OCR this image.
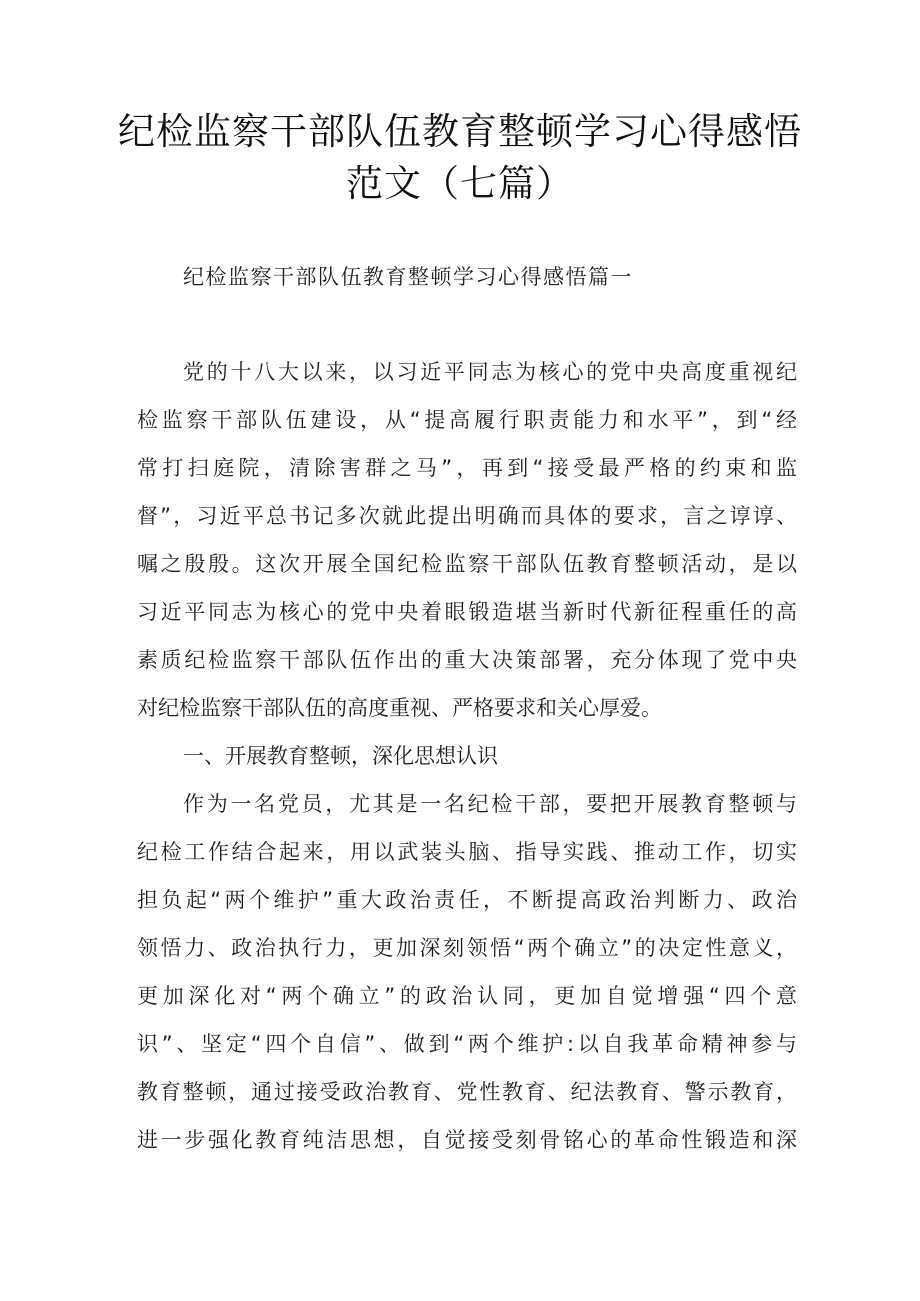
纪检监察干部队伍教育整顿学习心得感悟
范文（七篇）
纪检监察干部队伍教育整顿学习心得感悟篇一
党的十八大以来，以习近平同志为核心的党中央高度重视纪
检监察干部队伍建设，从“提高履行职责能力和水平”，到“经
常打扫庭院，清除害群之马”，再到“接受最严格的约束和监
督”，习近平总书记多次就此提出明确而具体的要求，言之谆谆、
嘱之殷殷。这次开展全国纪检监察干部队伍教育整顿活动，是以
习近平同志为核心的党中央着眼锻造堪当新时代新征程重任的高
素质纪检监察干部队伍作出的重大决策部署，充分体现了党中央
对纪检监察干部队伍的高度重视、严格要求和关心厚爱。
一、开展教育整顿，深化思想认识
作为一名党员，尤其是一名纪检干部，要把开展教育整顿与
纪检工作结合起来，用以武装头脑、指导实践、推动工作，切实
担负起“两个维护”重大政治责任，不断提高政治判断力、政治
领悟力、政治执行力，更加深刻领悟“两个确立”的决定性意义，
更加深化对“两个确立”的政治认同，更加自觉增强“四个意
识”、坚定“四个自信”、做到“两个维护:以自我革命精神参与
教育整顿，通过接受政治教育、党性教育、纪法教育、警示教育，
进一步强化教育纯洁思想，自觉接受刻骨铭心的革命性锻造和深
